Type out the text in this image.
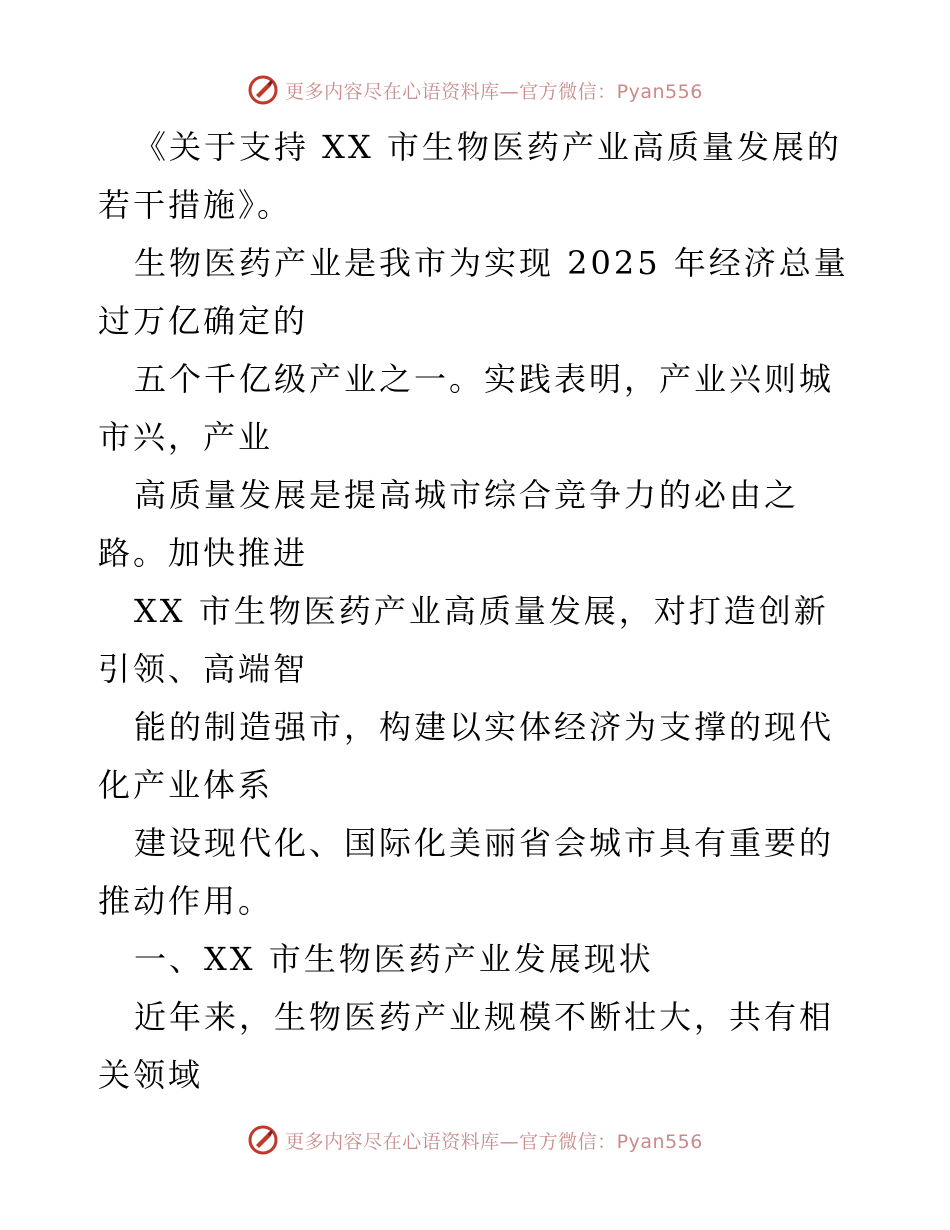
更多内容尽在心语资料库—官方微信：Pyan556

《关于支持 XX 市生物医药产业高质量发展的若干措施》。

生物医药产业是我市为实现 2025 年经济总量过万亿确定的

五个千亿级产业之一。实践表明，产业兴则城市兴，产业

高质量发展是提高城市综合竞争力的必由之路。加快推进

XX 市生物医药产业高质量发展，对打造创新引领、高端智

能的制造强市，构建以实体经济为支撑的现代化产业体系

建设现代化、国际化美丽省会城市具有重要的推动作用。

一、XX 市生物医药产业发展现状

近年来，生物医药产业规模不断壮大，共有相关领域

更多内容尽在心语资料库—官方微信：Pyan556
